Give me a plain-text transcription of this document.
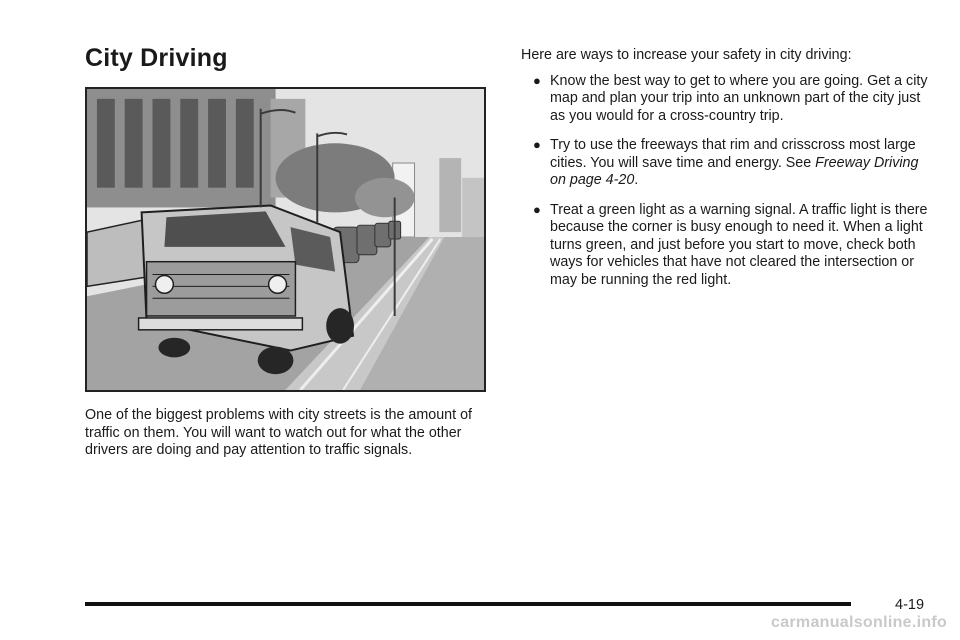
City Driving

One of the biggest problems with city streets is the amount of traffic on them. You will want to watch out for what the other drivers are doing and pay attention to traffic signals.

Here are ways to increase your safety in city driving:

● Know the best way to get to where you are going. Get a city map and plan your trip into an unknown part of the city just as you would for a cross-country trip.
● Try to use the freeways that rim and crisscross most large cities. You will save time and energy. See Freeway Driving on page 4-20.
● Treat a green light as a warning signal. A traffic light is there because the corner is busy enough to need it. When a light turns green, and just before you start to move, check both ways for vehicles that have not cleared the intersection or may be running the red light.
4-19
carmanualsonline.info
